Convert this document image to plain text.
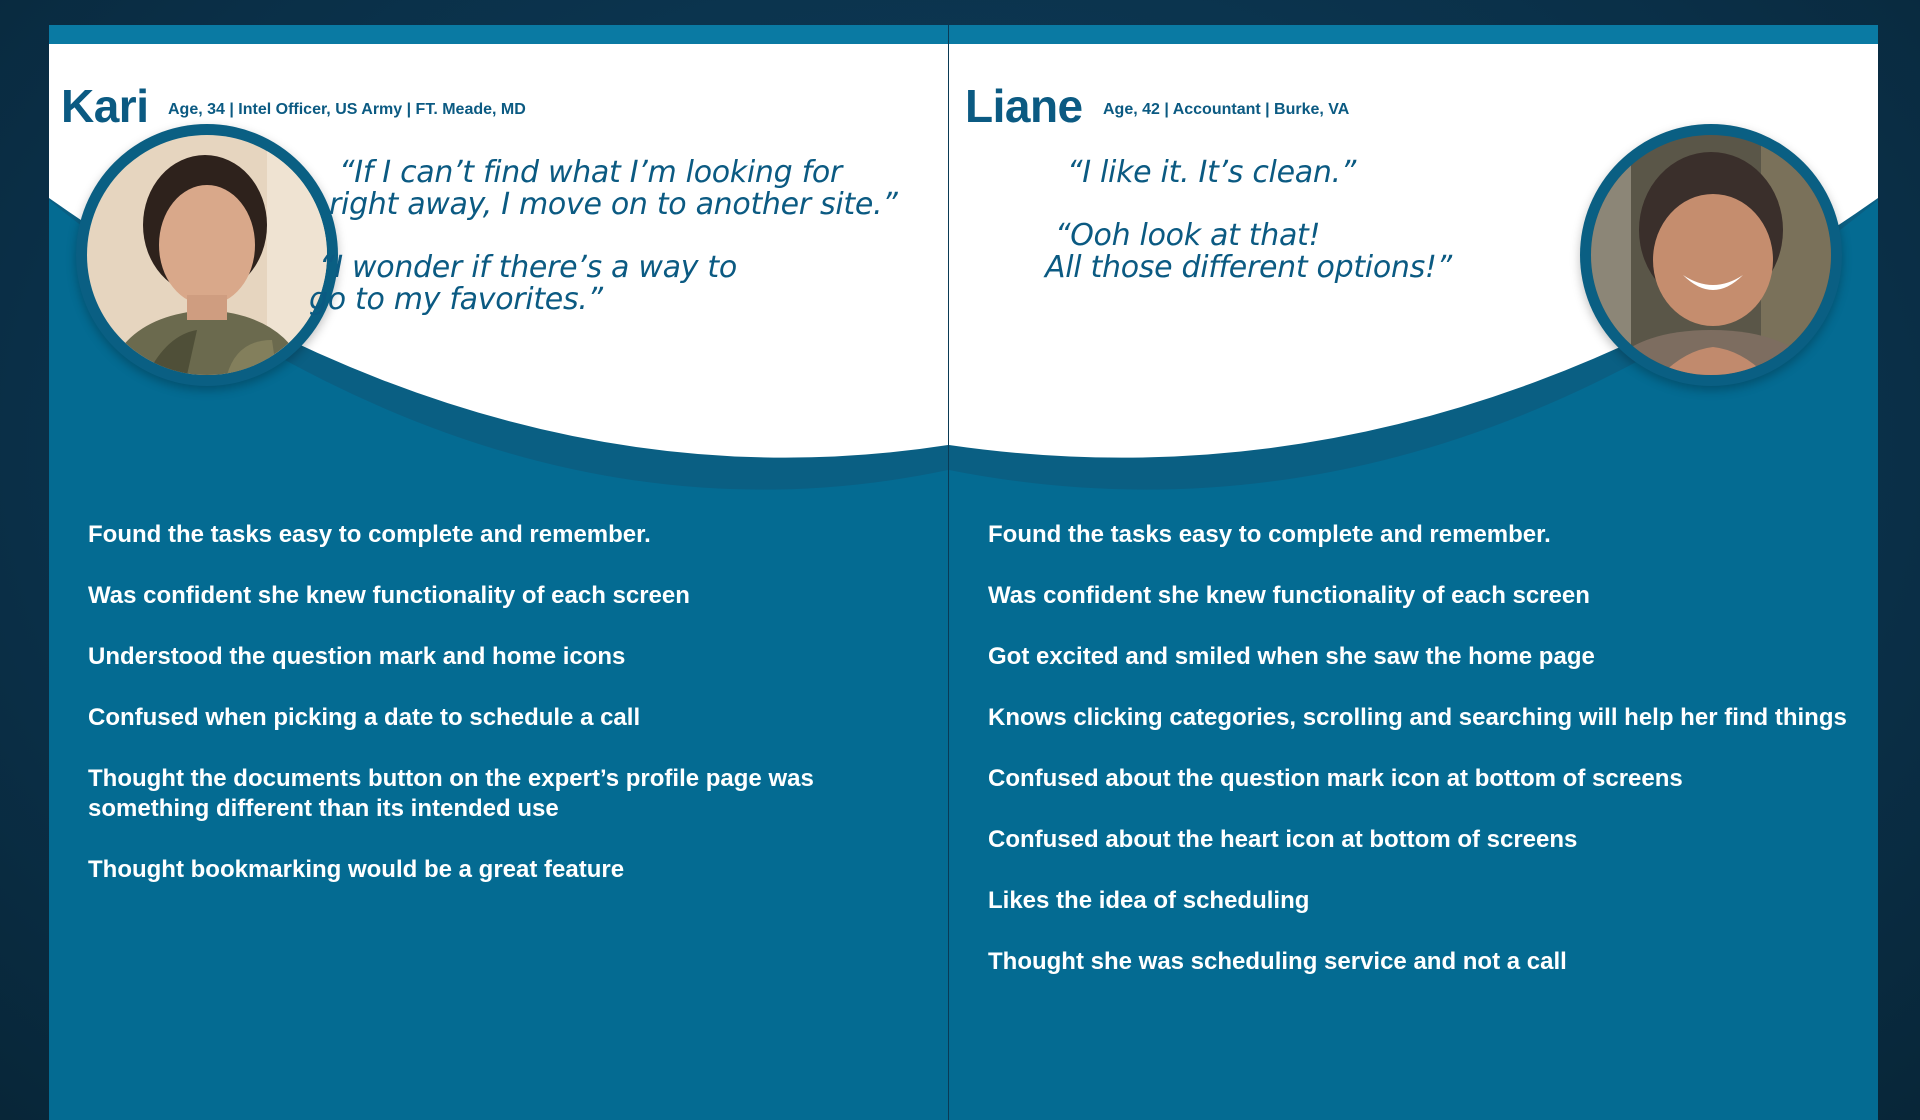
Kari Age, 34 | Intel Officer, US Army | FT. Meade, MD
“If I can’t find what I’m looking for
right away, I move on to another site.”
“I wonder if there’s a way to
go to my favorites.”
Found the tasks easy to complete and remember.
Was confident she knew functionality of each screen
Understood the question mark and home icons
Confused when picking a date to schedule a call
Thought the documents button on the expert’s profile page was
something different than its intended use
Thought bookmarking would be a great feature
Liane Age, 42 | Accountant | Burke, VA
“I like it. It’s clean.”
“Ooh look at that!
All those different options!”
Found the tasks easy to complete and remember.
Was confident she knew functionality of each screen
Got excited and smiled when she saw the home page
Knows clicking categories, scrolling and searching will help her find things
Confused about the question mark icon at bottom of screens
Confused about the heart icon at bottom of screens
Likes the idea of scheduling
Thought she was scheduling service and not a call
